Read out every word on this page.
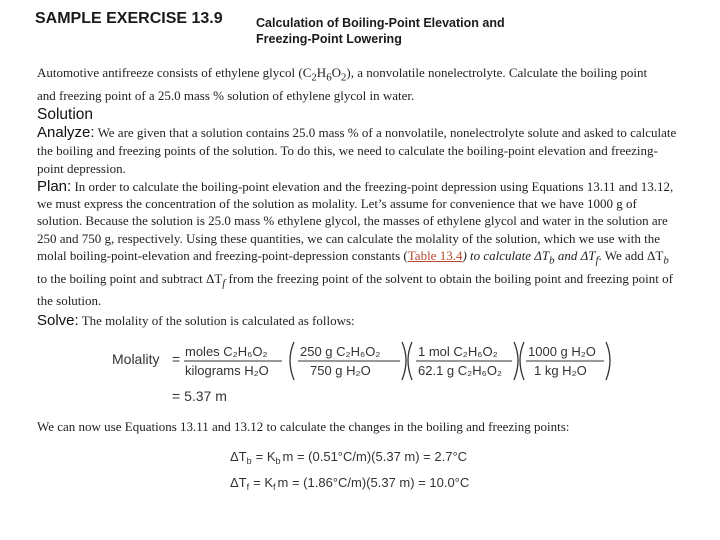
SAMPLE EXERCISE 13.9	Calculation of Boiling-Point Elevation and
Freezing-Point Lowering
Automotive antifreeze consists of ethylene glycol $(C_2H_6O_2)$, a nonvolatile nonelectrolyte. Calculate the boiling point and freezing point of a 25.0 mass % solution of ethylene glycol in water.
Solution
Analyze: We are given that a solution contains 25.0 mass % of a nonvolatile, nonelectrolyte solute and asked to calculate the boiling and freezing points of the solution. To do this, we need to calculate the boiling-point elevation and freezing-point depression.
Plan: In order to calculate the boiling-point elevation and the freezing-point depression using Equations 13.11 and 13.12, we must express the concentration of the solution as molality. Let’s assume for convenience that we have 1000 g of solution. Because the solution is 25.0 mass % ethylene glycol, the masses of ethylene glycol and water in the solution are 250 and 750 g, respectively. Using these quantities, we can calculate the molality of the solution, which we use with the molal boiling-point-elevation and freezing-point-depression constants (Table 13.4) to calculate $\Delta T_b$ and $\Delta T_f$. We add $\Delta T_b$ to the boiling point and subtract $\Delta T_f$ from the freezing point of the solvent to obtain the boiling point and freezing point of the solution.
Solve: The molality of the solution is calculated as follows:
Molality = moles C₂H₆O₂
kilograms H₂O
250 g C₂H₆O₂
750 g H₂O
1 mol C₂H₆O₂
62.1 g C₂H₆O₂
1000 g H₂O
1 kg H₂O
= 5.37 m
We can now use Equations 13.11 and 13.12 to calculate the changes in the boiling and freezing points:
$\Delta T_b = K_b$ m = (0.51°C/m)(5.37 m) = 2.7°C
$\Delta T_f = K_f$ m = (1.86°C/m)(5.37 m) = 10.0°C
